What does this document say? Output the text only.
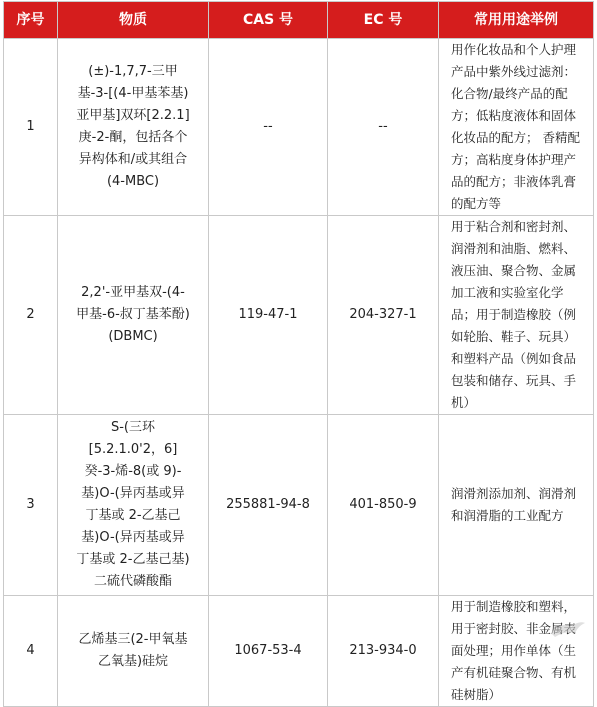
序号	物质	CAS 号	EC 号	常用用途举例
1	(±)-1,7,7-三甲基-3-[(4-甲基苯基)亚甲基]双环[2.2.1]庚-2-酮，包括各个异构体和/或其组合(4-MBC)	--	--	用作化妆品和个人护理产品中紫外线过滤剂：化合物/最终产品的配方；低粘度液体和固体化妆品的配方； 香精配方；高粘度身体护理产品的配方；非液体乳膏的配方等
2	2,2'-亚甲基双-(4-甲基-6-叔丁基苯酚)(DBMC)	119-47-1	204-327-1	用于粘合剂和密封剂、润滑剂和油脂、燃料、液压油、聚合物、金属加工液和实验室化学品；用于制造橡胶（例如轮胎、鞋子、玩具）和塑料产品（例如食品包装和储存、玩具、手机）
3	S-(三环[5.2.1.0'2，6]癸-3-烯-8(或 9)-基)O-(异丙基或异丁基或 2-乙基己基)O-(异丙基或异丁基或 2-乙基己基)二硫代磷酸酯	255881-94-8	401-850-9	润滑剂添加剂、润滑剂和润滑脂的工业配方
4	乙烯基三(2-甲氧基乙氧基)硅烷	1067-53-4	213-934-0	用于制造橡胶和塑料，用于密封胶、非金属表面处理；用作单体（生产有机硅聚合物、有机硅树脂）
